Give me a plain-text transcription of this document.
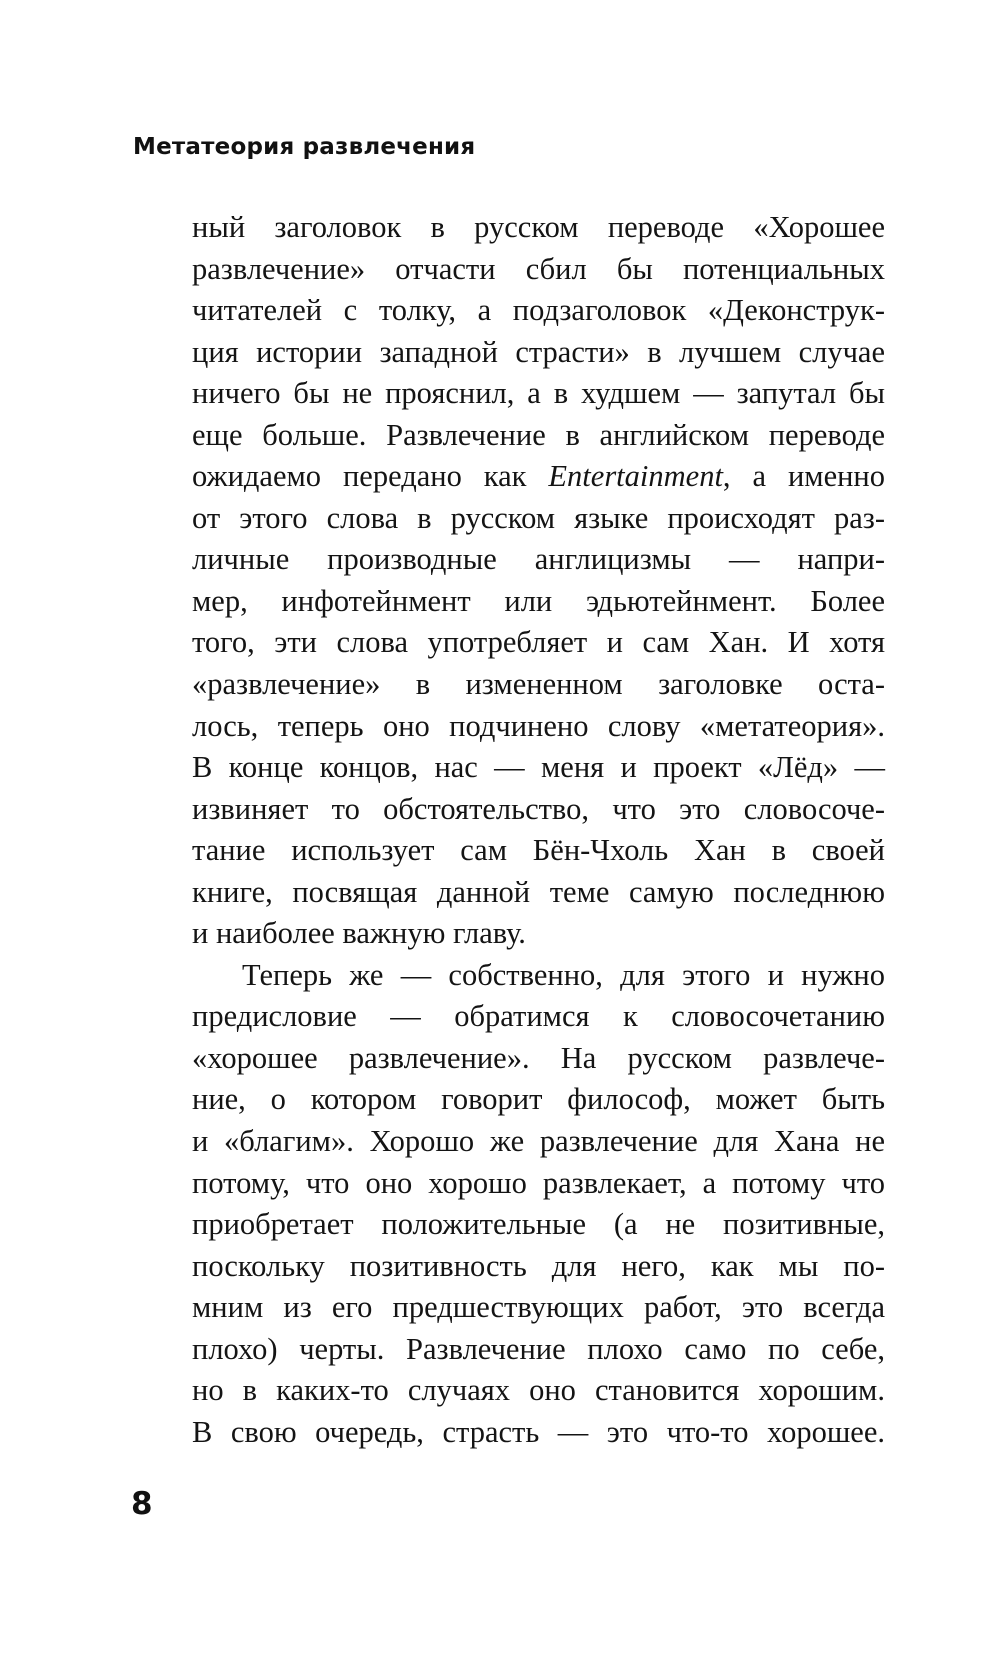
Метатеория развлечения
ный заголовок в русском переводе «Хорошее
развлечение» отчасти сбил бы потенциальных
читателей с толку, а подзаголовок «Деконструк-
ция истории западной страсти» в лучшем случае
ничего бы не прояснил, а в худшем — запутал бы
еще больше. Развлечение в английском переводе
ожидаемо передано как Entertainment, а именно
от этого слова в русском языке происходят раз-
личные производные англицизмы — напри-
мер, инфотейнмент или эдьютейнмент. Более
того, эти слова употребляет и сам Хан. И хотя
«развлечение» в измененном заголовке оста-
лось, теперь оно подчинено слову «метатеория».
В конце концов, нас — меня и проект «Лёд» —
извиняет то обстоятельство, что это словосоче-
тание использует сам Бён-Чхоль Хан в своей
книге, посвящая данной теме самую последнюю
и наиболее важную главу.
Теперь же — собственно, для этого и нужно
предисловие — обратимся к словосочетанию
«хорошее развлечение». На русском развлече-
ние, о котором говорит философ, может быть
и «благим». Хорошо же развлечение для Хана не
потому, что оно хорошо развлекает, а потому что
приобретает положительные (а не позитивные,
поскольку позитивность для него, как мы по-
мним из его предшествующих работ, это всегда
плохо) черты. Развлечение плохо само по себе,
но в каких-то случаях оно становится хорошим.
В свою очередь, страсть — это что-то хорошее.
8
